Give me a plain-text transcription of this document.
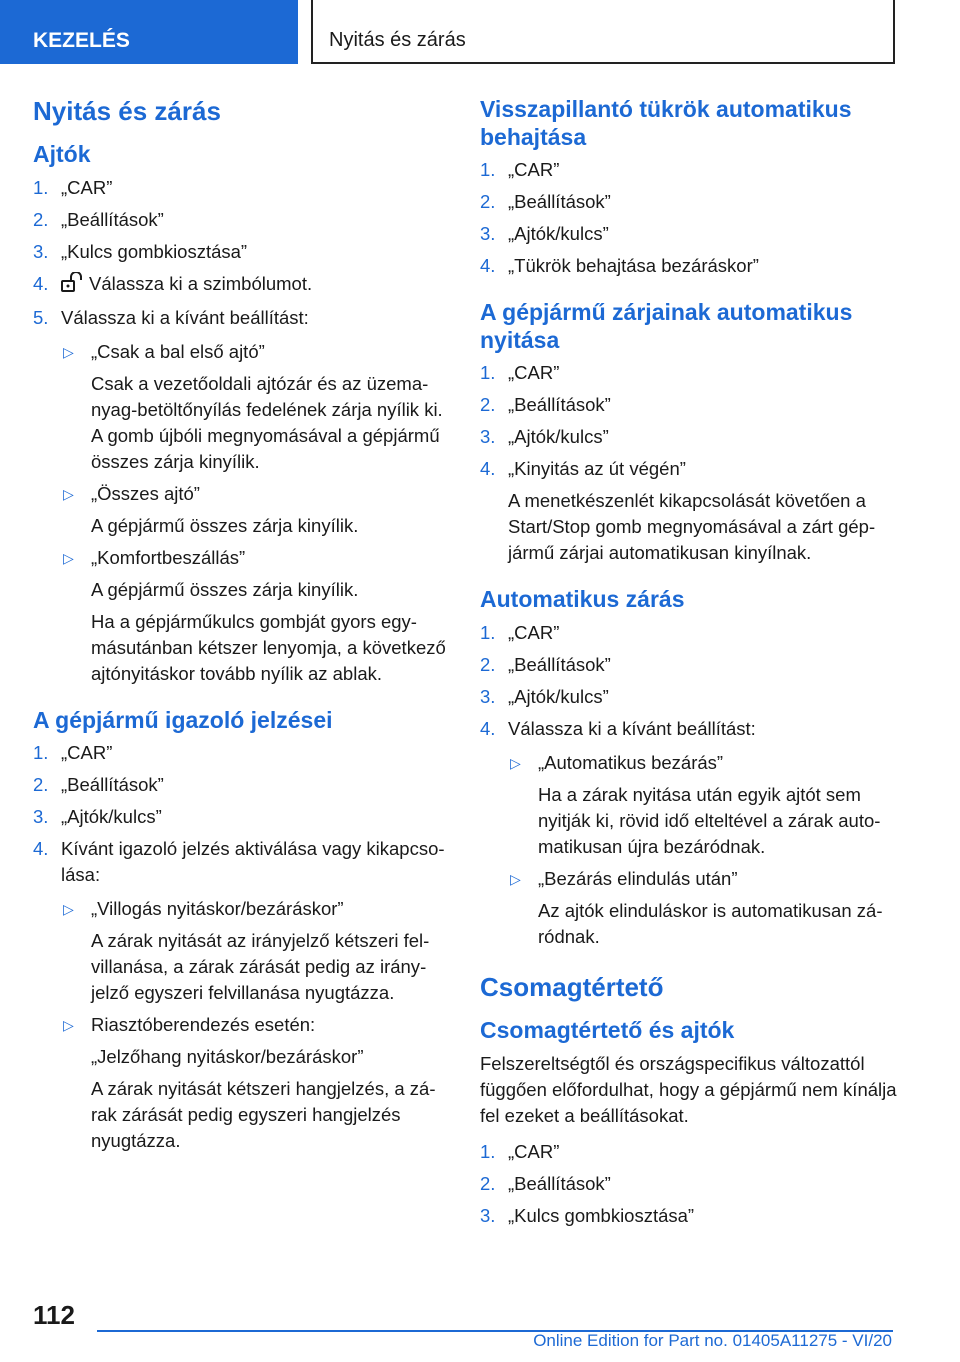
KEZELÉS	Nyitás és zárás
Nyitás és zárás
Ajtók
1. „CAR”
2. „Beállítások”
3. „Kulcs gombkiosztása”
4. Válassza ki a szimbólumot.
5. Válassza ki a kívánt beállítást:
▷ „Csak a bal első ajtó”
Csak a vezetőoldali ajtózár és az üzemanyag-betöltőnyílás fedelének zárja nyílik ki. A gomb újbóli megnyomásával a gépjármű összes zárja kinyílik.
▷ „Összes ajtó”
A gépjármű összes zárja kinyílik.
▷ „Komfortbeszállás”
A gépjármű összes zárja kinyílik.
Ha a gépjárműkulcs gombját gyors egymásutánban kétszer lenyomja, a következő ajtónyitáskor tovább nyílik az ablak.
A gépjármű igazoló jelzései
1. „CAR”
2. „Beállítások”
3. „Ajtók/kulcs”
4. Kívánt igazoló jelzés aktiválása vagy kikapcsolása:
▷ „Villogás nyitáskor/bezáráskor”
A zárak nyitását az irányjelző kétszeri felvillanása, a zárak zárását pedig az irányjelző egyszeri felvillanása nyugtázza.
▷ Riasztóberendezés esetén:
„Jelzőhang nyitáskor/bezáráskor”
A zárak nyitását kétszeri hangjelzés, a zárak zárását pedig egyszeri hangjelzés nyugtázza.
Visszapillantó tükrök automatikus behajtása
1. „CAR”
2. „Beállítások”
3. „Ajtók/kulcs”
4. „Tükrök behajtása bezáráskor”
A gépjármű zárjainak automatikus nyitása
1. „CAR”
2. „Beállítások”
3. „Ajtók/kulcs”
4. „Kinyitás az út végén”
A menetkészenlét kikapcsolását követően a Start/Stop gomb megnyomásával a zárt gépjármű zárjai automatikusan kinyílnak.
Automatikus zárás
1. „CAR”
2. „Beállítások”
3. „Ajtók/kulcs”
4. Válassza ki a kívánt beállítást:
▷ „Automatikus bezárás”
Ha a zárak nyitása után egyik ajtót sem nyitják ki, rövid idő elteltével a zárak automatikusan újra bezáródnak.
▷ „Bezárás elindulás után”
Az ajtók elinduláskor is automatikusan záródnak.
Csomagtértető
Csomagtértető és ajtók

Felszereltségtől és országspecifikus változattól függően előfordulhat, hogy a gépjármű nem kínálja fel ezeket a beállításokat.

1. „CAR”
2. „Beállítások”
3. „Kulcs gombkiosztása”
112
Online Edition for Part no. 01405A11275 - VI/20
